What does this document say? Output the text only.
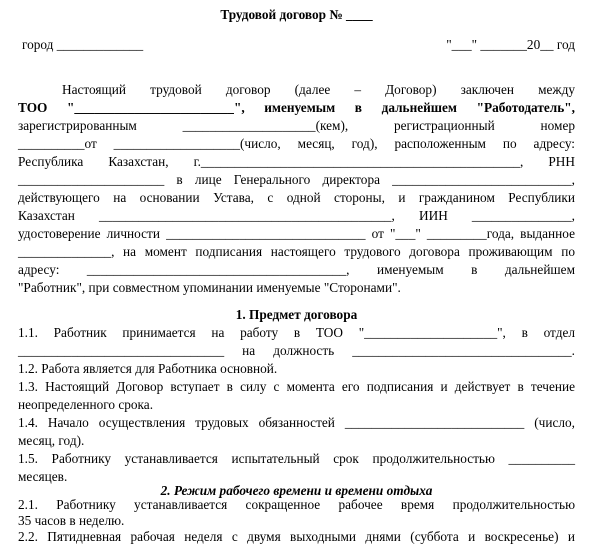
Трудовой договор № ____
город _____________	"___" _______20__ год
Настоящий трудовой договор (далее – Договор) заключен между
ТОО "________________________", именуемым в дальнейшем "Работодатель",
зарегистрированным ____________________(кем), регистрационный номер
__________от ___________________(число, месяц, год), расположенным по адресу:
Республика Казахстан, г.________________________________________________, РНН
______________________ в лице Генерального директора ___________________________,
действующего на основании Устава, с одной стороны, и гражданином Республики
Казахстан ____________________________________________, ИИН _______________,
удостоверение личности ______________________________ от "___" _________года, выданное
______________, на момент подписания настоящего трудового договора проживающим по
адресу: _______________________________________, именуемым в дальнейшем
"Работник", при совместном упоминании именуемые "Сторонами".
1. Предмет договора
1.1. Работник принимается на работу в ТОО "____________________", в отдел
_______________________________ на должность _________________________________.
1.2. Работа является для Работника основной.
1.3. Настоящий Договор вступает в силу с момента его подписания и действует в течение
неопределенного срока.
1.4. Начало осуществления трудовых обязанностей ___________________________ (число,
месяц, год).
1.5. Работнику устанавливается испытательный срок продолжительностью __________
месяцев.
2. Режим рабочего времени и времени отдыха
2.1. Работнику устанавливается сокращенное рабочее время продолжительностью
35 часов в неделю.
2.2. Пятидневная рабочая неделя с двумя выходными днями (суббота и воскресенье) и
